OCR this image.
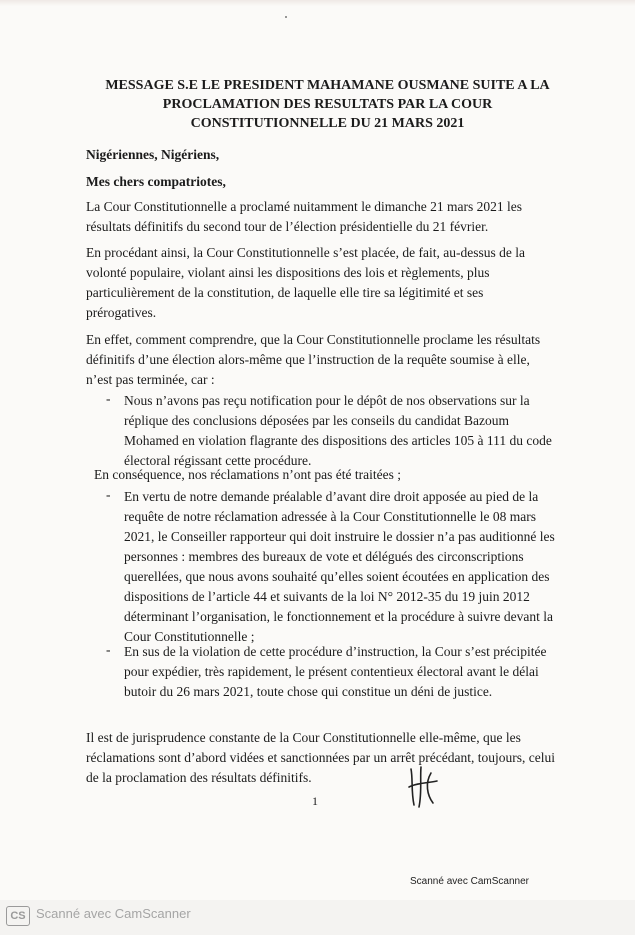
MESSAGE S.E LE PRESIDENT MAHAMANE OUSMANE SUITE A LA
PROCLAMATION DES RESULTATS PAR LA COUR
CONSTITUTIONNELLE DU 21 MARS 2021

Nigériennes, Nigériens,

Mes chers compatriotes,

La Cour Constitutionnelle a proclamé nuitamment le dimanche 21 mars 2021 les résultats définitifs du second tour de l’élection présidentielle du 21 février.

En procédant ainsi, la Cour Constitutionnelle s’est placée, de fait, au-dessus de la volonté populaire, violant ainsi les dispositions des lois et règlements, plus particulièrement de la constitution, de laquelle elle tire sa légitimité et ses prérogatives.

En effet, comment comprendre, que la Cour Constitutionnelle proclame les résultats définitifs d’une élection alors-même que l’instruction de la requête soumise à elle, n’est pas terminée, car :

- Nous n’avons pas reçu notification pour le dépôt de nos observations sur la réplique des conclusions déposées par les conseils du candidat Bazoum Mohamed en violation flagrante des dispositions des articles 105 à 111 du code électoral régissant cette procédure.

En conséquence, nos réclamations n’ont pas été traitées ;

- En vertu de notre demande préalable d’avant dire droit apposée au pied de la requête de notre réclamation adressée à la Cour Constitutionnelle le 08 mars 2021, le Conseiller rapporteur qui doit instruire le dossier n’a pas auditionné les personnes : membres des bureaux de vote et délégués des circonscriptions querellées, que nous avons souhaité qu’elles soient écoutées en application des dispositions de l’article 44 et suivants de la loi N° 2012-35 du 19 juin 2012 déterminant l’organisation, le fonctionnement et la procédure à suivre devant la Cour Constitutionnelle ;

- En sus de la violation de cette procédure d’instruction, la Cour s’est précipitée pour expédier, très rapidement, le présent contentieux électoral avant le délai butoir du 26 mars 2021, toute chose qui constitue un déni de justice.

Il est de jurisprudence constante de la Cour Constitutionnelle elle-même, que les réclamations sont d’abord vidées et sanctionnées par un arrêt précédant, toujours, celui de la proclamation des résultats définitifs.

1
Scanné avec CamScanner
CS Scanné avec CamScanner
